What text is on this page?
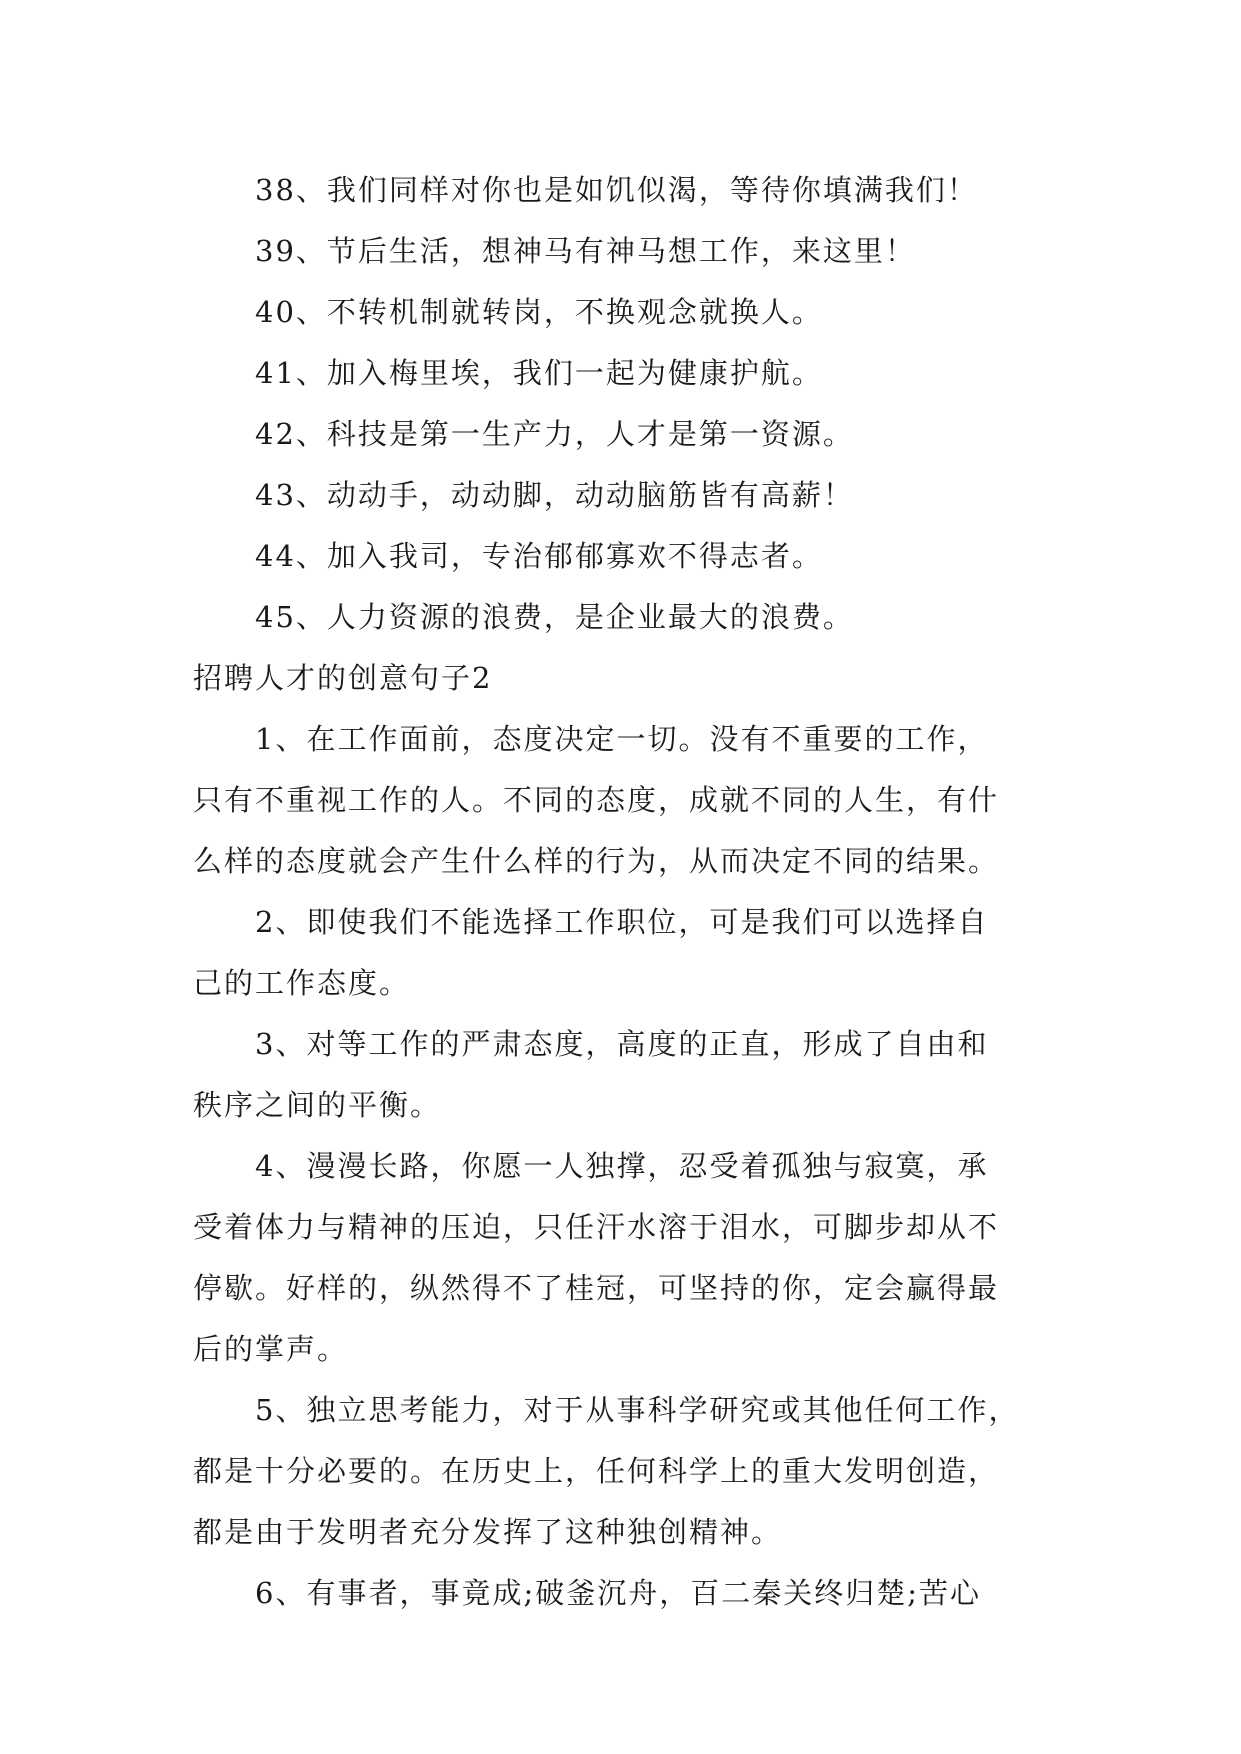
38、我们同样对你也是如饥似渴，等待你填满我们！
39、节后生活，想神马有神马想工作，来这里！
40、不转机制就转岗，不换观念就换人。
41、加入梅里埃，我们一起为健康护航。
42、科技是第一生产力，人才是第一资源。
43、动动手，动动脚，动动脑筋皆有高薪！
44、加入我司，专治郁郁寡欢不得志者。
45、人力资源的浪费，是企业最大的浪费。
招聘人才的创意句子2
1、在工作面前，态度决定一切。没有不重要的工作，
只有不重视工作的人。不同的态度，成就不同的人生，有什
么样的态度就会产生什么样的行为，从而决定不同的结果。
2、即使我们不能选择工作职位，可是我们可以选择自
己的工作态度。
3、对等工作的严肃态度，高度的正直，形成了自由和
秩序之间的平衡。
4、漫漫长路，你愿一人独撑，忍受着孤独与寂寞，承
受着体力与精神的压迫，只任汗水溶于泪水，可脚步却从不
停歇。好样的，纵然得不了桂冠，可坚持的你，定会赢得最
后的掌声。
5、独立思考能力，对于从事科学研究或其他任何工作，
都是十分必要的。在历史上，任何科学上的重大发明创造，
都是由于发明者充分发挥了这种独创精神。
6、有事者，事竟成;破釜沉舟，百二秦关终归楚;苦心
